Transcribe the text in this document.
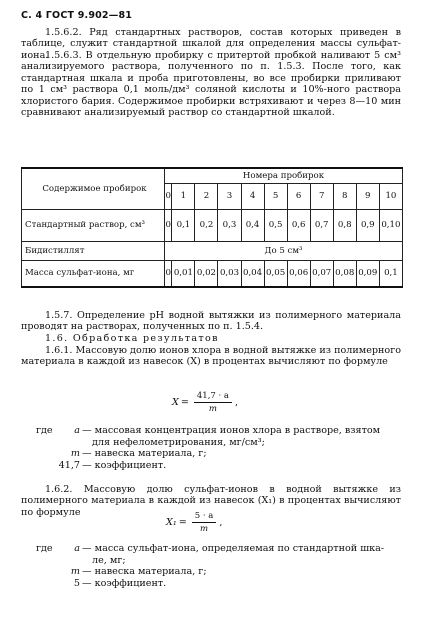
С. 4 ГОСТ 9.902—81
1.5.6.2. Ряд стандартных растворов, состав которых приведен в таблице, служит стандартной шкалой для определения массы сульфат-иона.
1.5.6.3. В отдельную пробирку с притертой пробкой наливают 5 см³ анализируемого раствора, полученного по п. 1.5.3. После того, как стандартная шкала и проба приготовлены, во все пробирки приливают по 1 см³ раствора 0,1 моль/дм³ соляной кислоты и 10%-ного раствора хлористого бария. Содержимое пробирки встряхивают и через 8—10 мин сравнивают анализируемый раствор со стандартной шкалой.
Содержимое пробирок	Номера пробирок										
	0	1	2	3	4	5	6	7	8	9	10
Стандартный раствор, см³	0	0,1	0,2	0,3	0,4	0,5	0,6	0,7	0,8	0,9	0,10
Бидистиллят	До 5 см³										
Масса сульфат-иона, мг	0	0,01	0,02	0,03	0,04	0,05	0,06	0,07	0,08	0,09	0,1
1.5.7. Определение pH водной вытяжки из полимерного материала проводят на растворах, полученных по п. 1.5.4.
1.6. Обработка результатов
1.6.1. Массовую долю ионов хлора в водной вытяжке из полимерного материала в каждой из навесок (X) в процентах вычисляют по формуле
$X = \frac{41,7 \cdot a}{m}$ ,
где	a — массовая концентрация ионов хлора в растворе, взятом
для нефелометрирования, мг/см³;
m — навеска материала, г;
41,7 — коэффициент.
1.6.2. Массовую долю сульфат-ионов в водной вытяжке из полимерного материала в каждой из навесок (X₁) в процентах вычисляют по формуле
$X_1 = \frac{5 \cdot a}{m}$ ,
где	a — масса сульфат-иона, определяемая по стандартной шка-
ле, мг;
m — навеска материала, г;
5 — коэффициент.
